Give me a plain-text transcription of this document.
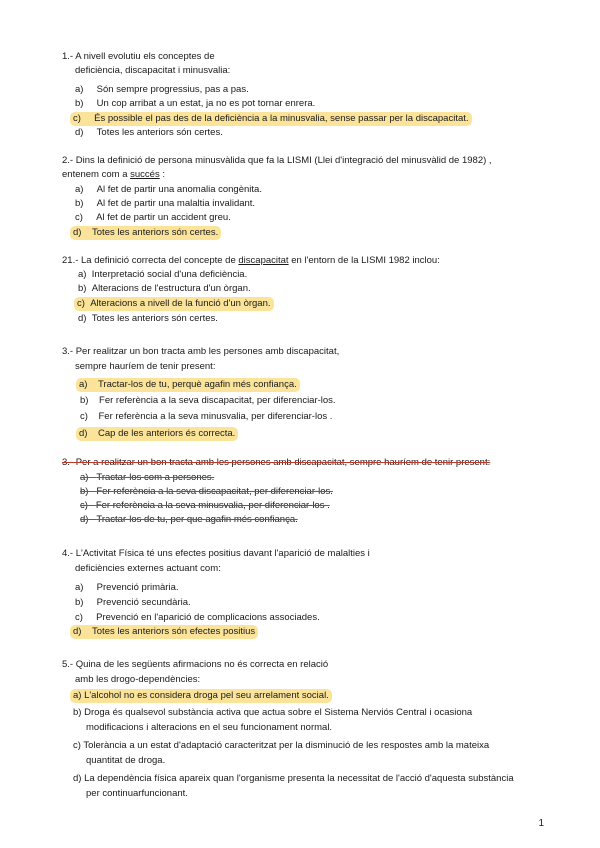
1.- A nivell evolutiu els conceptes de
deficiència, discapacitat i minusvalia:
a) Són sempre progressius, pas a pas.
b) Un cop arribat a un estat, ja no es pot tornar enrera.
c) És possible el pas des de la deficiència a la minusvalia, sense passar per la discapacitat.
d) Totes les anteriors són certes.
2.- Dins la definició de persona minusvàlida que fa la LISMI (Llei d'integració del minusvàlid de 1982) ,
entenem com a succés :
a) Al fet de partir una anomalia congènita.
b) Al fet de partir una malaltia invalidant.
c) Al fet de partir un accident greu.
d) Totes les anteriors són certes.
21.- La definició correcta del concepte de discapacitat en l'entorn de la LISMI 1982 inclou:
a) Interpretació social d'una deficiència.
b) Alteracions de l'estructura d'un òrgan.
c) Alteracions a nivell de la funció d'un òrgan.
d) Totes les anteriors són certes.
3.- Per realitzar un bon tracta amb les persones amb discapacitat,
sempre hauríem de tenir present:
a) Tractar-los de tu, perquè agafin més confiança.
b) Fer referència a la seva discapacitat, per diferenciar-los.
c) Fer referència a la seva minusvalia, per diferenciar-los .
d) Cap de les anteriors és correcta.
3.- Per a realitzar un bon tracta amb les persones amb discapacitat, sempre hauríem de tenir present:
a) Tractar-los com a persones.
b) Fer referència a la seva discapacitat, per diferenciar-los.
c) Fer referència a la seva minusvalia, per diferenciar-los .
d) Tractar-los de tu, per que agafin més confiança.
4.- L'Activitat Física té uns efectes positius davant l'aparició de malalties i
deficiències externes actuant com:
a) Prevenció primària.
b) Prevenció secundària.
c) Prevenció en l'aparició de complicacions associades.
d) Totes les anteriors són efectes positius
5.- Quina de les següents afirmacions no és correcta en relació
amb les drogo-dependències:
a) L'alcohol no es considera droga pel seu arrelament social.
b) Droga és qualsevol substància activa que actua sobre el Sistema Nerviós Central i ocasiona
modificacions i alteracions en el seu funcionament normal.
c) Tolerància a un estat d'adaptació caracteritzat per la disminució de les respostes amb la mateixa
quantitat de droga.
d) La dependència física apareix quan l'organisme presenta la necessitat de l'acció d'aquesta substància
per continuarfuncionant.
1
